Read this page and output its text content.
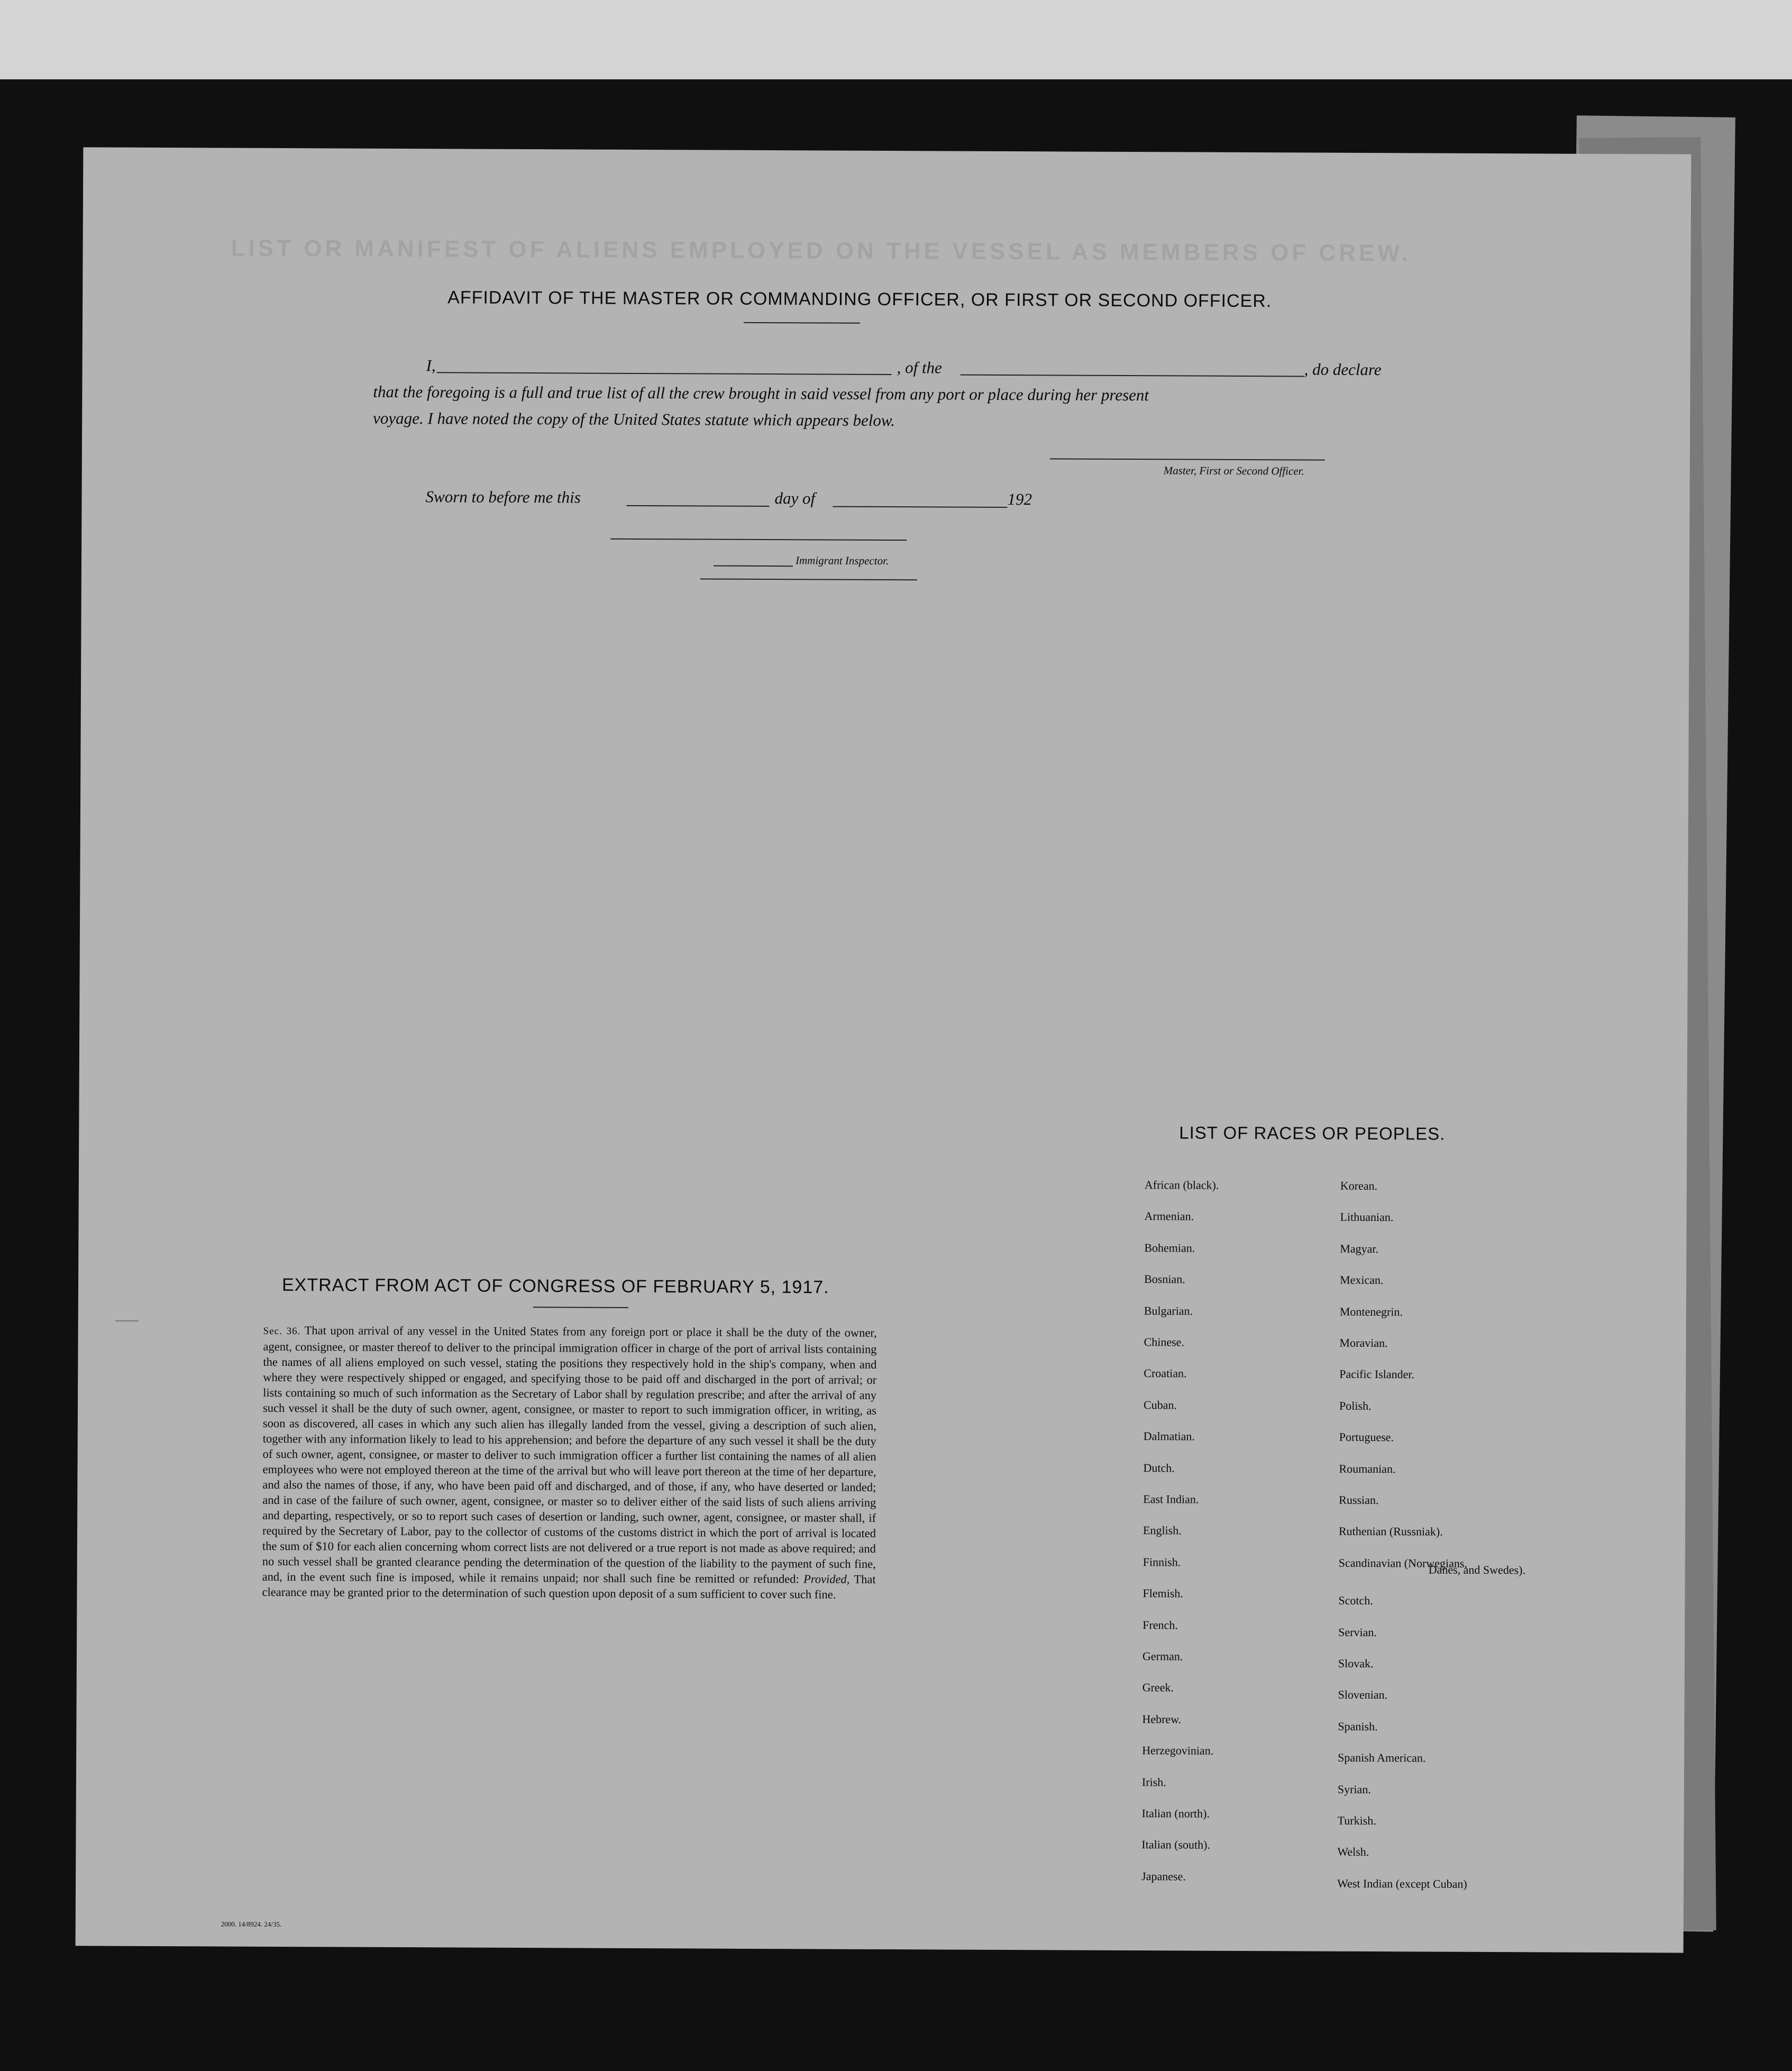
LIST OR MANIFEST OF ALIENS EMPLOYED ON THE VESSEL AS MEMBERS OF CREW.
AFFIDAVIT OF THE MASTER OR COMMANDING OFFICER, OR FIRST OR SECOND OFFICER.
I,	, of the	, do declare
that the foregoing is a full and true list of all the crew brought in said vessel from any port or place during her present
voyage. I have noted the copy of the United States statute which appears below.
Master, First or Second Officer.
Sworn to before me this	day of	192
Immigrant Inspector.
EXTRACT FROM ACT OF CONGRESS OF FEBRUARY 5, 1917.
Sec. 36. That upon arrival of any vessel in the United States from any foreign port or place it shall be the duty of the owner, agent, consignee, or master thereof to deliver to the principal immigration officer in charge of the port of arrival lists containing the names of all aliens employed on such vessel, stating the positions they respectively hold in the ship's company, when and where they were respectively shipped or engaged, and specifying those to be paid off and discharged in the port of arrival; or lists containing so much of such information as the Secretary of Labor shall by regulation prescribe; and after the arrival of any such vessel it shall be the duty of such owner, agent, consignee, or master to report to such immigration officer, in writing, as soon as discovered, all cases in which any such alien has illegally landed from the vessel, giving a description of such alien, together with any information likely to lead to his apprehension; and before the departure of any such vessel it shall be the duty of such owner, agent, consignee, or master to deliver to such immigration officer a further list containing the names of all alien employees who were not employed thereon at the time of the arrival but who will leave port thereon at the time of her departure, and also the names of those, if any, who have been paid off and discharged, and of those, if any, who have deserted or landed; and in case of the failure of such owner, agent, consignee, or master so to deliver either of the said lists of such aliens arriving and departing, respectively, or so to report such cases of desertion or landing, such owner, agent, consignee, or master shall, if required by the Secretary of Labor, pay to the collector of customs of the customs district in which the port of arrival is located the sum of $10 for each alien concerning whom correct lists are not delivered or a true report is not made as above required; and no such vessel shall be granted clearance pending the determination of the question of the liability to the payment of such fine, and, in the event such fine is imposed, while it remains unpaid; nor shall such fine be remitted or refunded: Provided, That clearance may be granted prior to the determination of such question upon deposit of a sum sufficient to cover such fine.
LIST OF RACES OR PEOPLES.
African (black).
Armenian.
Bohemian.
Bosnian.
Bulgarian.
Chinese.
Croatian.
Cuban.
Dalmatian.
Dutch.
East Indian.
English.
Finnish.
Flemish.
French.
German.
Greek.
Hebrew.
Herzegovinian.
Irish.
Italian (north).
Italian (south).
Japanese.
Korean.
Lithuanian.
Magyar.
Mexican.
Montenegrin.
Moravian.
Pacific Islander.
Polish.
Portuguese.
Roumanian.
Russian.
Ruthenian (Russniak).
Scandinavian (Norwegians,
Scotch.
Servian.
Slovak.
Slovenian.
Spanish.
Spanish American.
Syrian.
Turkish.
Welsh.
West Indian (except Cuban)
Danes, and Swedes).
2000. 14/8924. 24/35.
